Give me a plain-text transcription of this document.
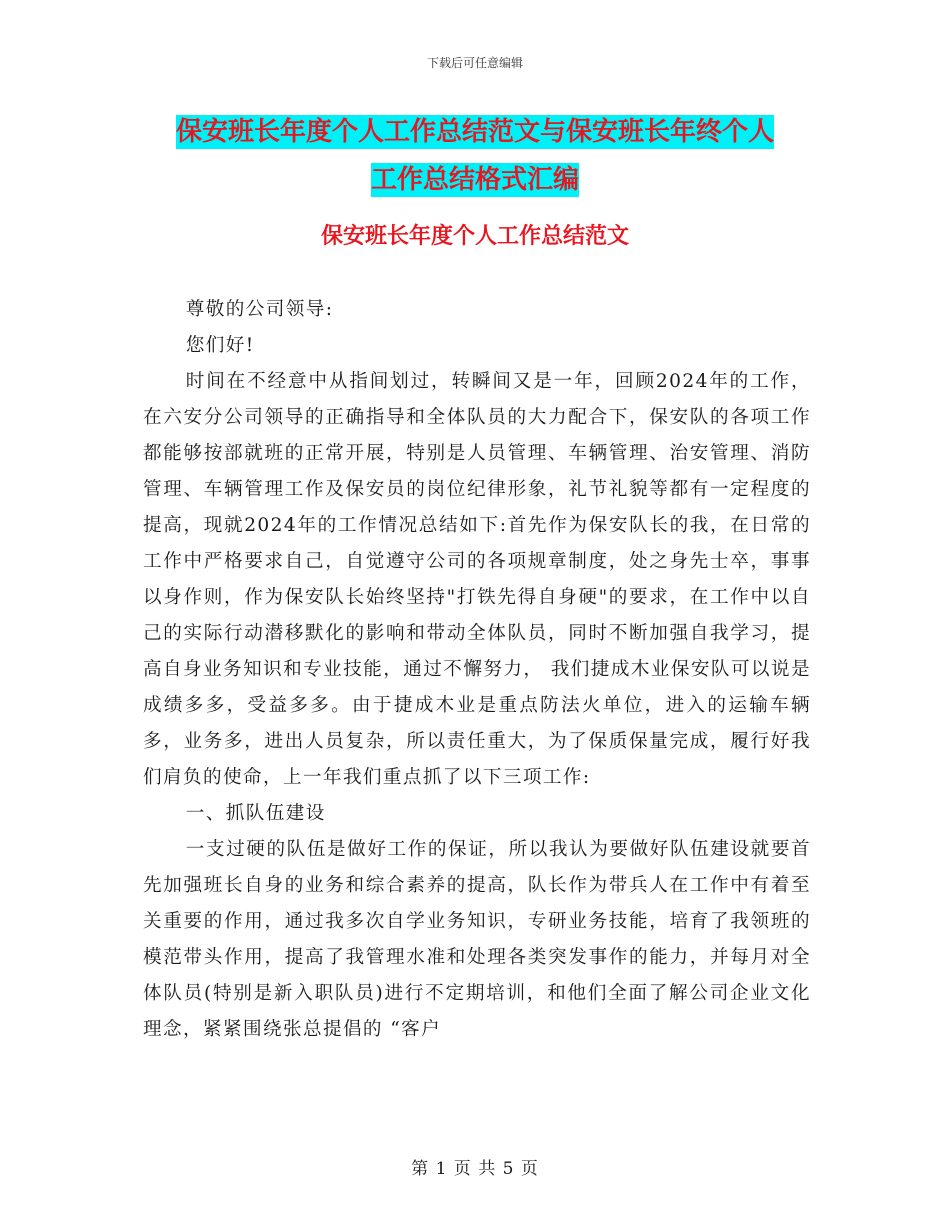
下载后可任意编辑
保安班长年度个人工作总结范文与保安班长年终个人
工作总结格式汇编
保安班长年度个人工作总结范文

尊敬的公司领导:

您们好!

时间在不经意中从指间划过，转瞬间又是一年，回顾2024年的工作，在六安分公司领导的正确指导和全体队员的大力配合下，保安队的各项工作都能够按部就班的正常开展，特别是人员管理、车辆管理、治安管理、消防管理、车辆管理工作及保安员的岗位纪律形象，礼节礼貌等都有一定程度的提高，现就2024年的工作情况总结如下:首先作为保安队长的我，在日常的工作中严格要求自己，自觉遵守公司的各项规章制度，处之身先士卒，事事以身作则，作为保安队长始终坚持"打铁先得自身硬"的要求，在工作中以自己的实际行动潜移默化的影响和带动全体队员，同时不断加强自我学习，提高自身业务知识和专业技能，通过不懈努力， 我们捷成木业保安队可以说是成绩多多，受益多多。由于捷成木业是重点防法火单位，进入的运输车辆多，业务多，进出人员复杂，所以责任重大，为了保质保量完成，履行好我们肩负的使命，上一年我们重点抓了以下三项工作:

一、抓队伍建设

一支过硬的队伍是做好工作的保证，所以我认为要做好队伍建设就要首先加强班长自身的业务和综合素养的提高，队长作为带兵人在工作中有着至关重要的作用，通过我多次自学业务知识，专研业务技能，培育了我领班的模范带头作用，提高了我管理水准和处理各类突发事作的能力，并每月对全体队员(特别是新入职队员)进行不定期培训，和他们全面了解公司企业文化理念，紧紧围绕张总提倡的 “客户

第 1 页 共 5 页
